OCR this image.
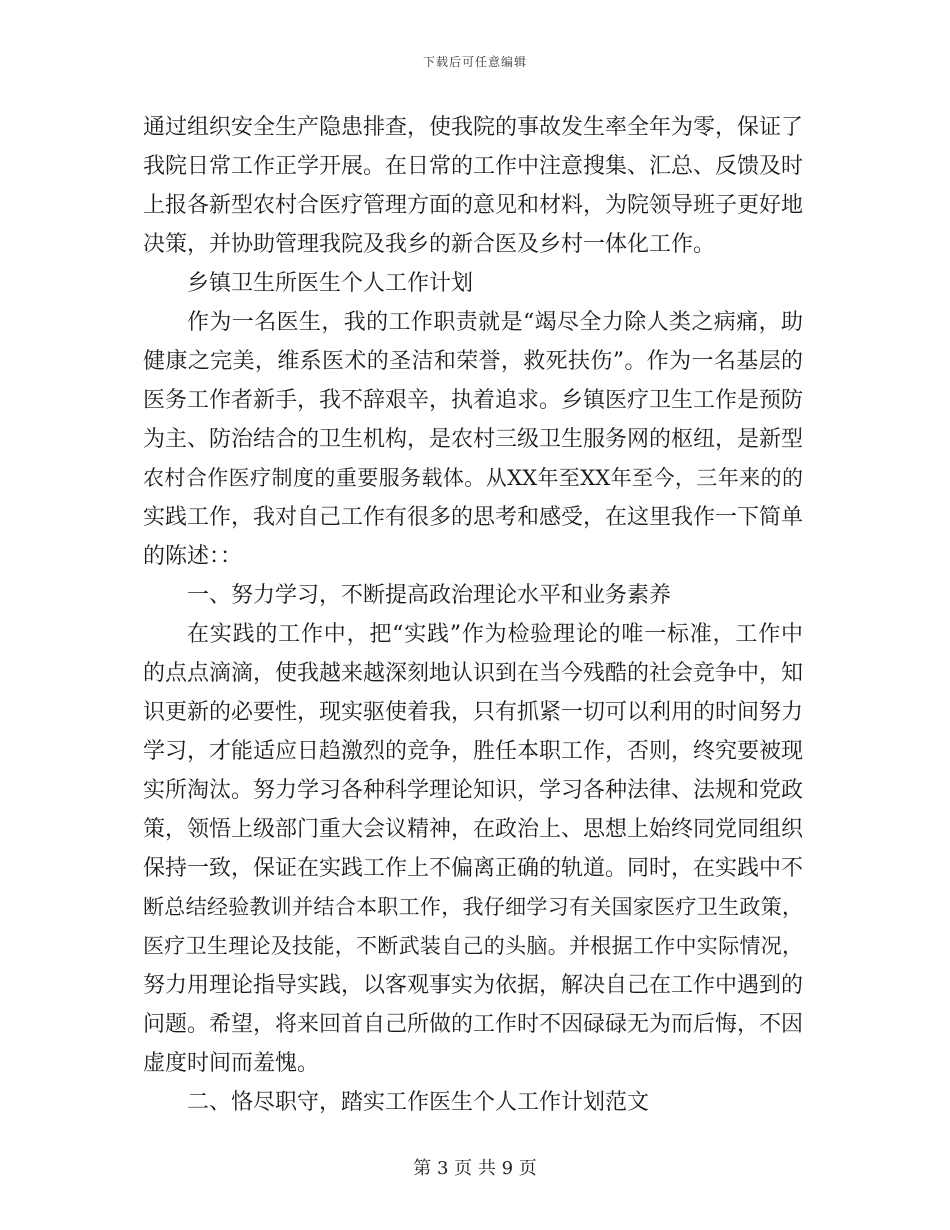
下载后可任意编辑
通过组织安全生产隐患排查，使我院的事故发生率全年为零，保证了
我院日常工作正学开展。在日常的工作中注意搜集、汇总、反馈及时
上报各新型农村合医疗管理方面的意见和材料，为院领导班子更好地
决策，并协助管理我院及我乡的新合医及乡村一体化工作。
乡镇卫生所医生个人工作计划
作为一名医生，我的工作职责就是“竭尽全力除人类之病痛，助
健康之完美，维系医术的圣洁和荣誉，救死扶伤”。作为一名基层的
医务工作者新手，我不辞艰辛，执着追求。乡镇医疗卫生工作是预防
为主、防治结合的卫生机构，是农村三级卫生服务网的枢纽，是新型
农村合作医疗制度的重要服务载体。从XX年至XX年至今，三年来的的
实践工作，我对自己工作有很多的思考和感受，在这里我作一下简单
的陈述：：
一、努力学习，不断提高政治理论水平和业务素养
在实践的工作中，把“实践”作为检验理论的唯一标准，工作中
的点点滴滴，使我越来越深刻地认识到在当今残酷的社会竞争中，知
识更新的必要性，现实驱使着我，只有抓紧一切可以利用的时间努力
学习，才能适应日趋激烈的竞争，胜任本职工作，否则，终究要被现
实所淘汰。努力学习各种科学理论知识，学习各种法律、法规和党政
策，领悟上级部门重大会议精神，在政治上、思想上始终同党同组织
保持一致，保证在实践工作上不偏离正确的轨道。同时，在实践中不
断总结经验教训并结合本职工作，我仔细学习有关国家医疗卫生政策，
医疗卫生理论及技能，不断武装自己的头脑。并根据工作中实际情况，
努力用理论指导实践，以客观事实为依据，解决自己在工作中遇到的
问题。希望，将来回首自己所做的工作时不因碌碌无为而后悔，不因
虚度时间而羞愧。
二、恪尽职守，踏实工作医生个人工作计划范文
第 3 页 共 9 页
